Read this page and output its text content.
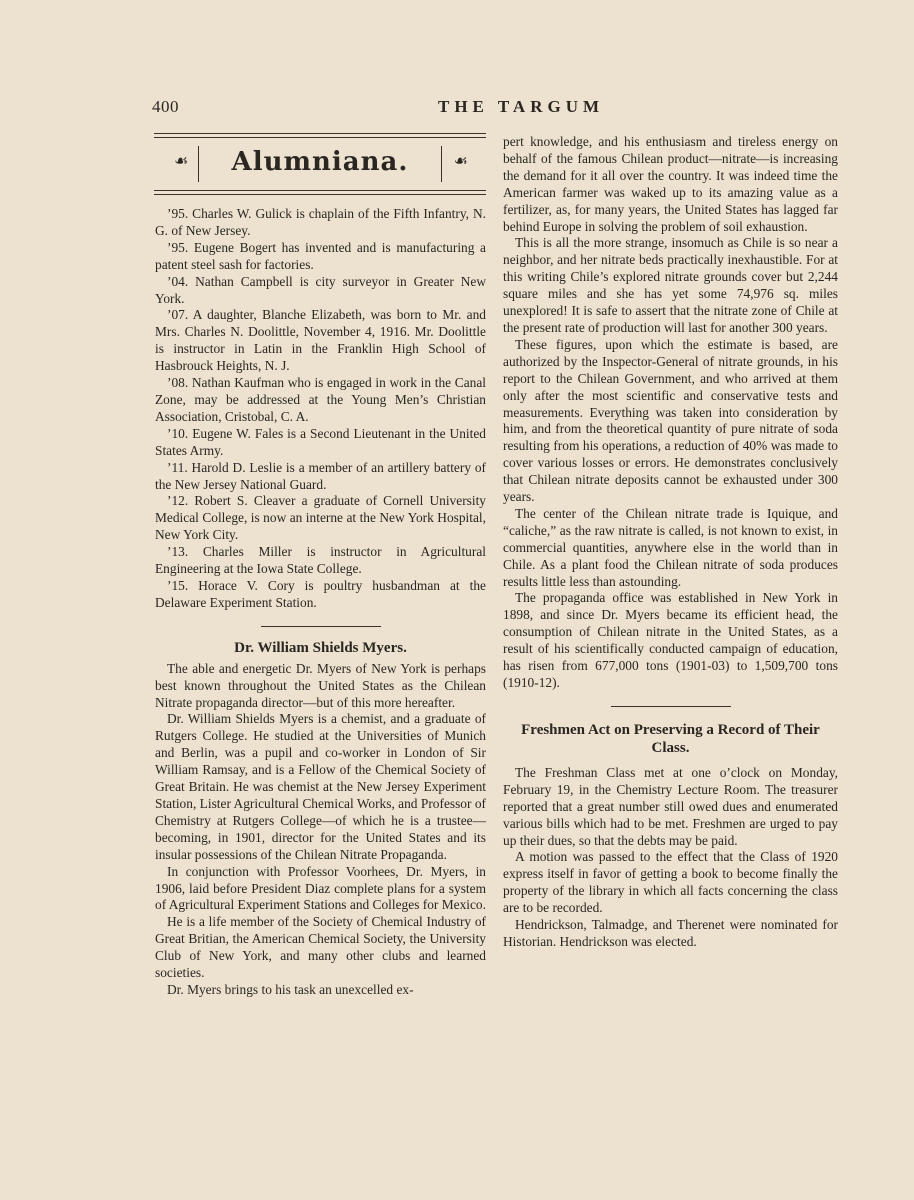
400	THE TARGUM
☙	☙
Alumniana.

’95. Charles W. Gulick is chaplain of the Fifth Infantry, N. G. of New Jersey.

’95. Eugene Bogert has invented and is manufacturing a patent steel sash for factories.

’04. Nathan Campbell is city surveyor in Greater New York.

’07. A daughter, Blanche Elizabeth, was born to Mr. and Mrs. Charles N. Doolittle, November 4, 1916. Mr. Doolittle is instructor in Latin in the Franklin High School of Hasbrouck Heights, N. J.

’08. Nathan Kaufman who is engaged in work in the Canal Zone, may be addressed at the Young Men’s Christian Association, Cristobal, C. A.

’10. Eugene W. Fales is a Second Lieutenant in the United States Army.

’11. Harold D. Leslie is a member of an artillery battery of the New Jersey National Guard.

’12. Robert S. Cleaver a graduate of Cornell University Medical College, is now an interne at the New York Hospital, New York City.

’13. Charles Miller is instructor in Agricultural Engineering at the Iowa State College.

’15. Horace V. Cory is poultry husbandman at the Delaware Experiment Station.

Dr. William Shields Myers.

The able and energetic Dr. Myers of New York is perhaps best known throughout the United States as the Chilean Nitrate propaganda director—but of this more hereafter.

Dr. William Shields Myers is a chemist, and a graduate of Rutgers College. He studied at the Universities of Munich and Berlin, was a pupil and co-worker in London of Sir William Ramsay, and is a Fellow of the Chemical Society of Great Britain. He was chemist at the New Jersey Experiment Station, Lister Agricultural Chemical Works, and Professor of Chemistry at Rutgers College—of which he is a trustee—becoming, in 1901, director for the United States and its insular possessions of the Chilean Nitrate Propaganda.

In conjunction with Professor Voorhees, Dr. Myers, in 1906, laid before President Diaz complete plans for a system of Agricultural Experiment Stations and Colleges for Mexico.

He is a life member of the Society of Chemical Industry of Great Britian, the American Chemical Society, the University Club of New York, and many other clubs and learned societies.

Dr. Myers brings to his task an unexcelled ex-

pert knowledge, and his enthusiasm and tireless energy on behalf of the famous Chilean product—nitrate—is increasing the demand for it all over the country. It was indeed time the American farmer was waked up to its amazing value as a fertilizer, as, for many years, the United States has lagged far behind Europe in solving the problem of soil exhaustion.

This is all the more strange, insomuch as Chile is so near a neighbor, and her nitrate beds practically inexhaustible. For at this writing Chile’s explored nitrate grounds cover but 2,244 square miles and she has yet some 74,976 sq. miles unexplored! It is safe to assert that the nitrate zone of Chile at the present rate of production will last for another 300 years.

These figures, upon which the estimate is based, are authorized by the Inspector-General of nitrate grounds, in his report to the Chilean Government, and who arrived at them only after the most scientific and conservative tests and measurements. Everything was taken into consideration by him, and from the theoretical quantity of pure nitrate of soda resulting from his operations, a reduction of 40% was made to cover various losses or errors. He demonstrates conclusively that Chilean nitrate deposits cannot be exhausted under 300 years.

The center of the Chilean nitrate trade is Iquique, and “caliche,” as the raw nitrate is called, is not known to exist, in commercial quantities, anywhere else in the world than in Chile. As a plant food the Chilean nitrate of soda produces results little less than astounding.

The propaganda office was established in New York in 1898, and since Dr. Myers became its efficient head, the consumption of Chilean nitrate in the United States, as a result of his scientifically conducted campaign of education, has risen from 677,000 tons (1901-03) to 1,509,700 tons (1910-12).

Freshmen Act on Preserving a Record of Their Class.

The Freshman Class met at one o’clock on Monday, February 19, in the Chemistry Lecture Room. The treasurer reported that a great number still owed dues and enumerated various bills which had to be met. Freshmen are urged to pay up their dues, so that the debts may be paid.

A motion was passed to the effect that the Class of 1920 express itself in favor of getting a book to become finally the property of the library in which all facts concerning the class are to be recorded.

Hendrickson, Talmadge, and Therenet were nominated for Historian. Hendrickson was elected.
